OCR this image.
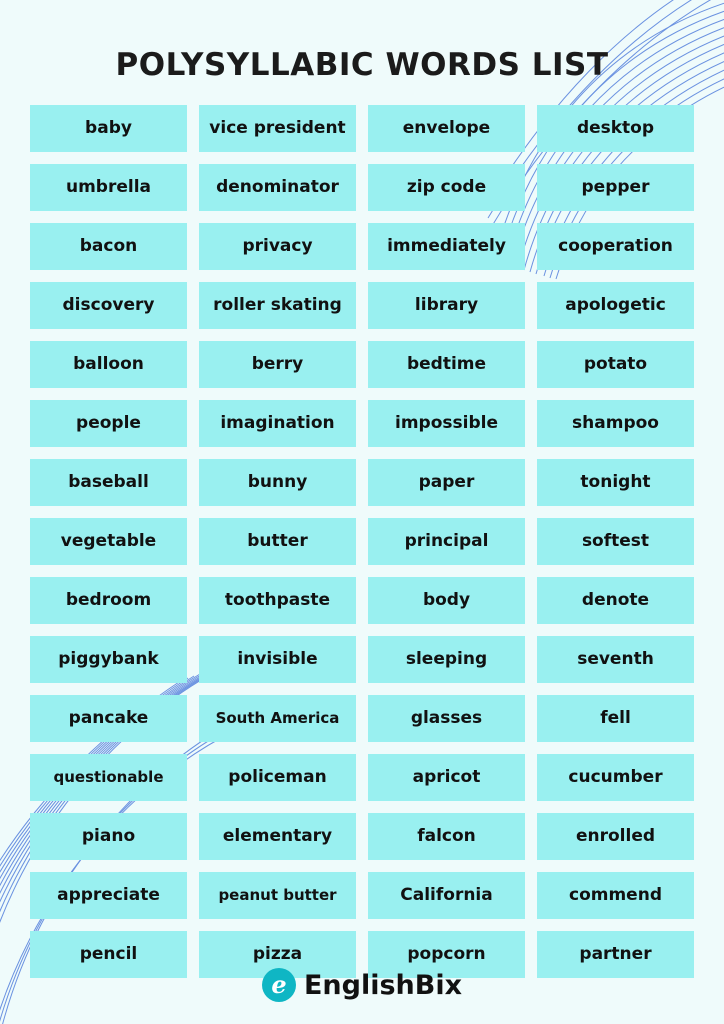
POLYSYLLABIC WORDS LIST
baby	vice president	envelope	desktop
umbrella	denominator	zip code	pepper
bacon	privacy	immediately	cooperation
discovery	roller skating	library	apologetic
balloon	berry	bedtime	potato
people	imagination	impossible	shampoo
baseball	bunny	paper	tonight
vegetable	butter	principal	softest
bedroom	toothpaste	body	denote
piggybank	invisible	sleeping	seventh
pancake	South America	glasses	fell
questionable	policeman	apricot	cucumber
piano	elementary	falcon	enrolled
appreciate	peanut butter	California	commend
pencil	pizza	popcorn	partner
e EnglishBix
